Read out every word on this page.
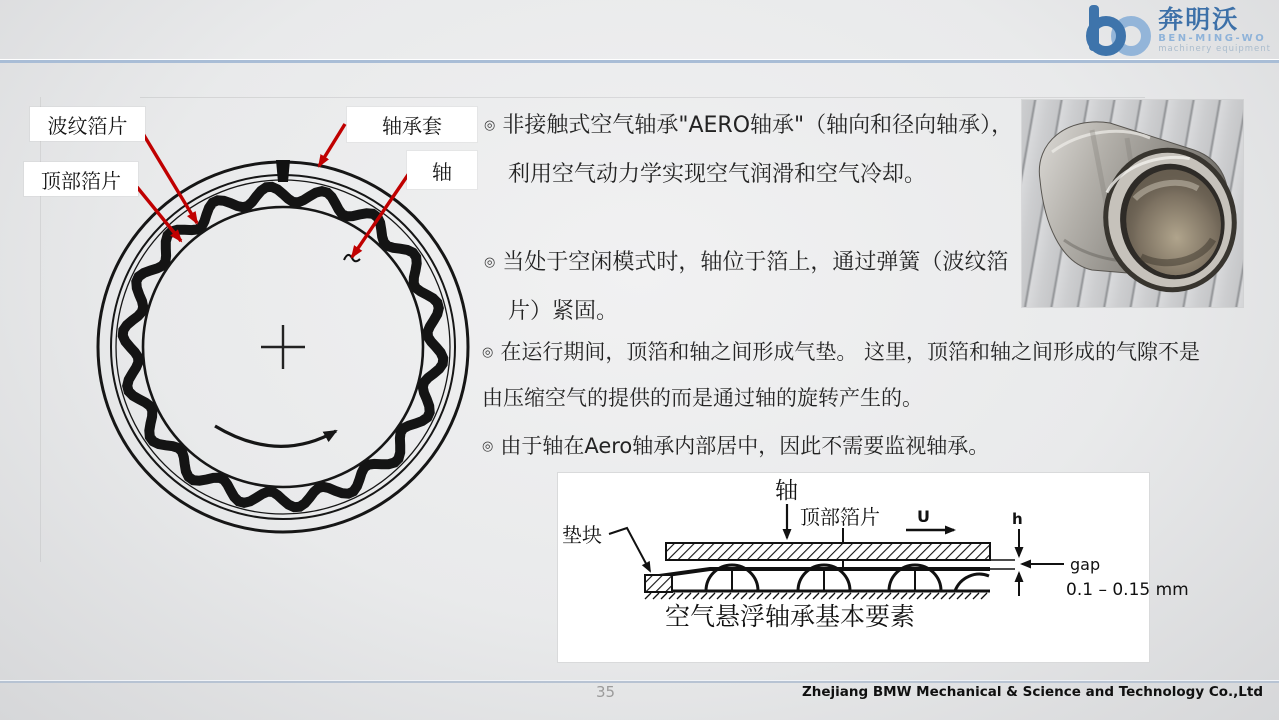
奔明沃
BEN-MING-WO
machinery equipment
波纹箔片
顶部箔片
轴承套
轴
◎ 非接触式空气轴承"AERO轴承"（轴向和径向轴承），利用空气动力学实现空气润滑和空气冷却。
◎ 当处于空闲模式时，轴位于箔上，通过弹簧（波纹箔片）紧固。
◎ 在运行期间，顶箔和轴之间形成气垫。 这里，顶箔和轴之间形成的气隙不是由压缩空气的提供的而是通过轴的旋转产生的。
◎ 由于轴在Aero轴承内部居中，因此不需要监视轴承。
轴
顶部箔片 U
垫块
h
gap
0.1 – 0.15 mm
空气悬浮轴承基本要素
35	Zhejiang BMW Mechanical & Science and Technology Co.,Ltd
